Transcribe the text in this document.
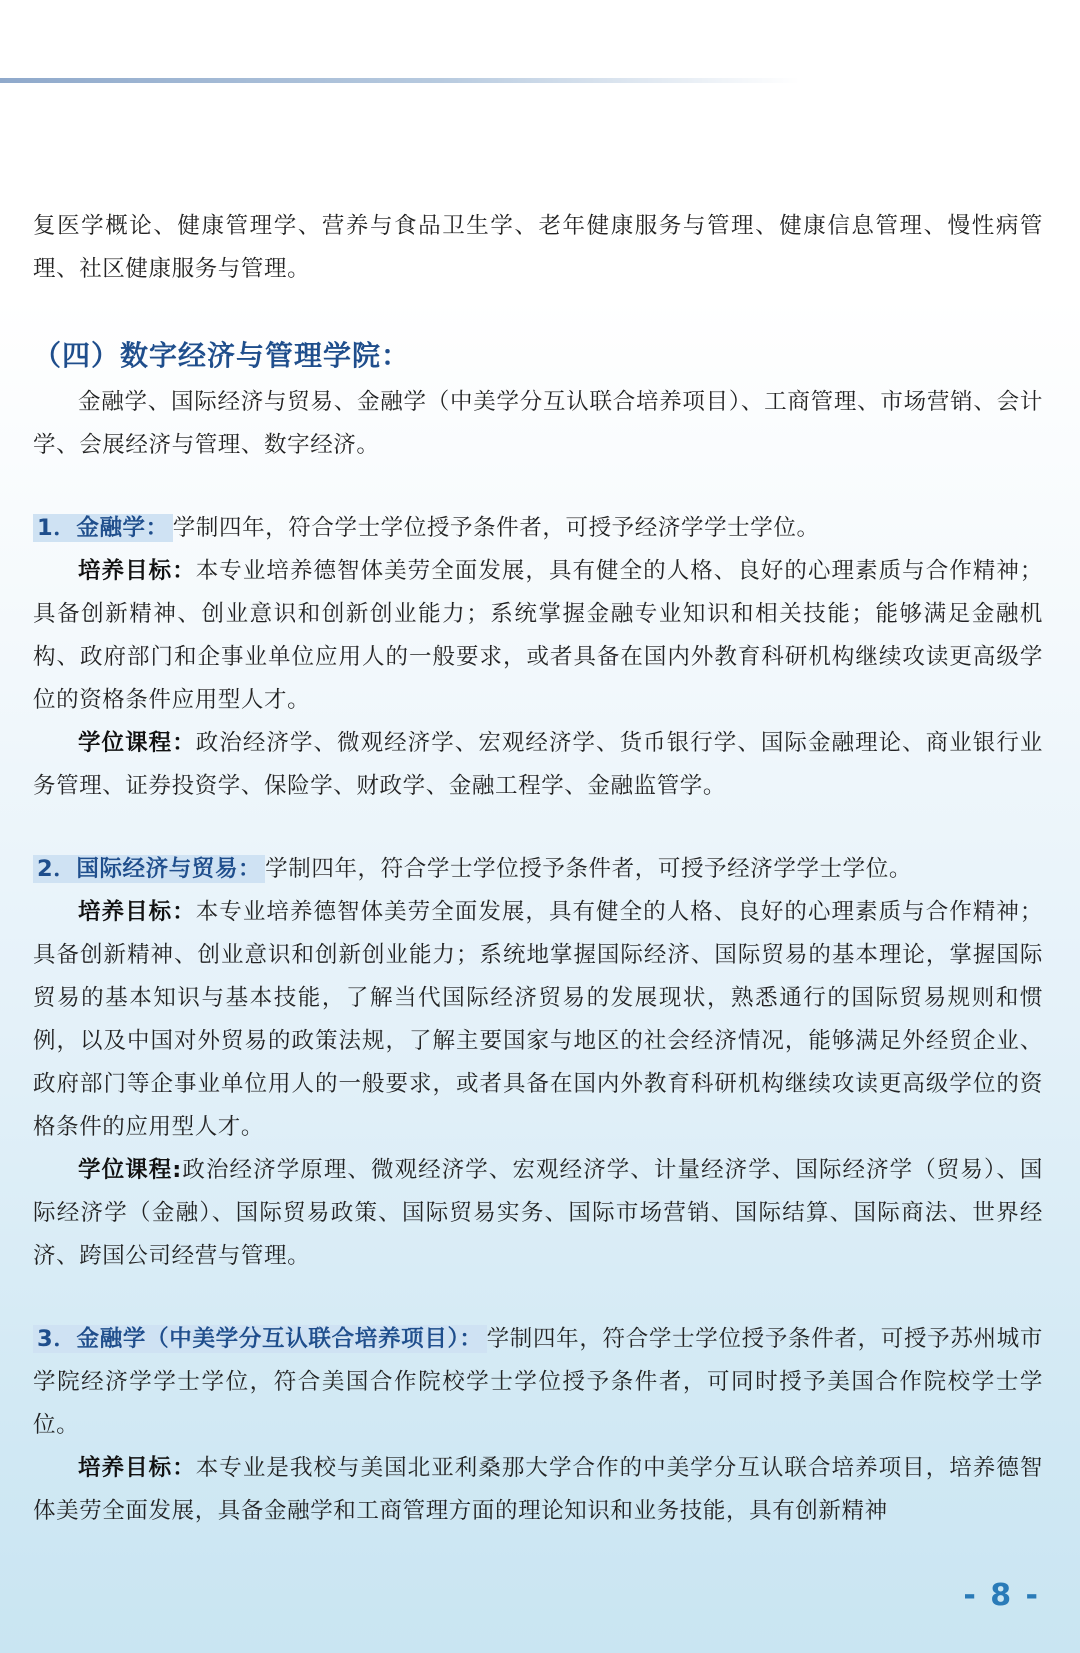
复医学概论、健康管理学、营养与食品卫生学、老年健康服务与管理、健康信息管理、慢性病管理、社区健康服务与管理。

（四）数字经济与管理学院：

金融学、国际经济与贸易、金融学（中美学分互认联合培养项目）、工商管理、市场营销、会计学、会展经济与管理、数字经济。

1．金融学： 学制四年，符合学士学位授予条件者，可授予经济学学士学位。

培养目标：本专业培养德智体美劳全面发展，具有健全的人格、良好的心理素质与合作精神；具备创新精神、创业意识和创新创业能力；系统掌握金融专业知识和相关技能；能够满足金融机构、政府部门和企事业单位应用人的一般要求，或者具备在国内外教育科研机构继续攻读更高级学位的资格条件应用型人才。

学位课程：政治经济学、微观经济学、宏观经济学、货币银行学、国际金融理论、商业银行业务管理、证券投资学、保险学、财政学、金融工程学、金融监管学。

2．国际经济与贸易： 学制四年，符合学士学位授予条件者，可授予经济学学士学位。

培养目标：本专业培养德智体美劳全面发展，具有健全的人格、良好的心理素质与合作精神；具备创新精神、创业意识和创新创业能力；系统地掌握国际经济、国际贸易的基本理论，掌握国际贸易的基本知识与基本技能，了解当代国际经济贸易的发展现状，熟悉通行的国际贸易规则和惯例，以及中国对外贸易的政策法规，了解主要国家与地区的社会经济情况，能够满足外经贸企业、政府部门等企事业单位用人的一般要求，或者具备在国内外教育科研机构继续攻读更高级学位的资格条件的应用型人才。

学位课程:政治经济学原理、微观经济学、宏观经济学、计量经济学、国际经济学（贸易）、国际经济学（金融）、国际贸易政策、国际贸易实务、国际市场营销、国际结算、国际商法、世界经济、跨国公司经营与管理。

3．金融学（中美学分互认联合培养项目）： 学制四年，符合学士学位授予条件者，可授予苏州城市学院经济学学士学位，符合美国合作院校学士学位授予条件者，可同时授予美国合作院校学士学位。

培养目标：本专业是我校与美国北亚利桑那大学合作的中美学分互认联合培养项目，培养德智体美劳全面发展，具备金融学和工商管理方面的理论知识和业务技能，具有创新精神

- 8 -
